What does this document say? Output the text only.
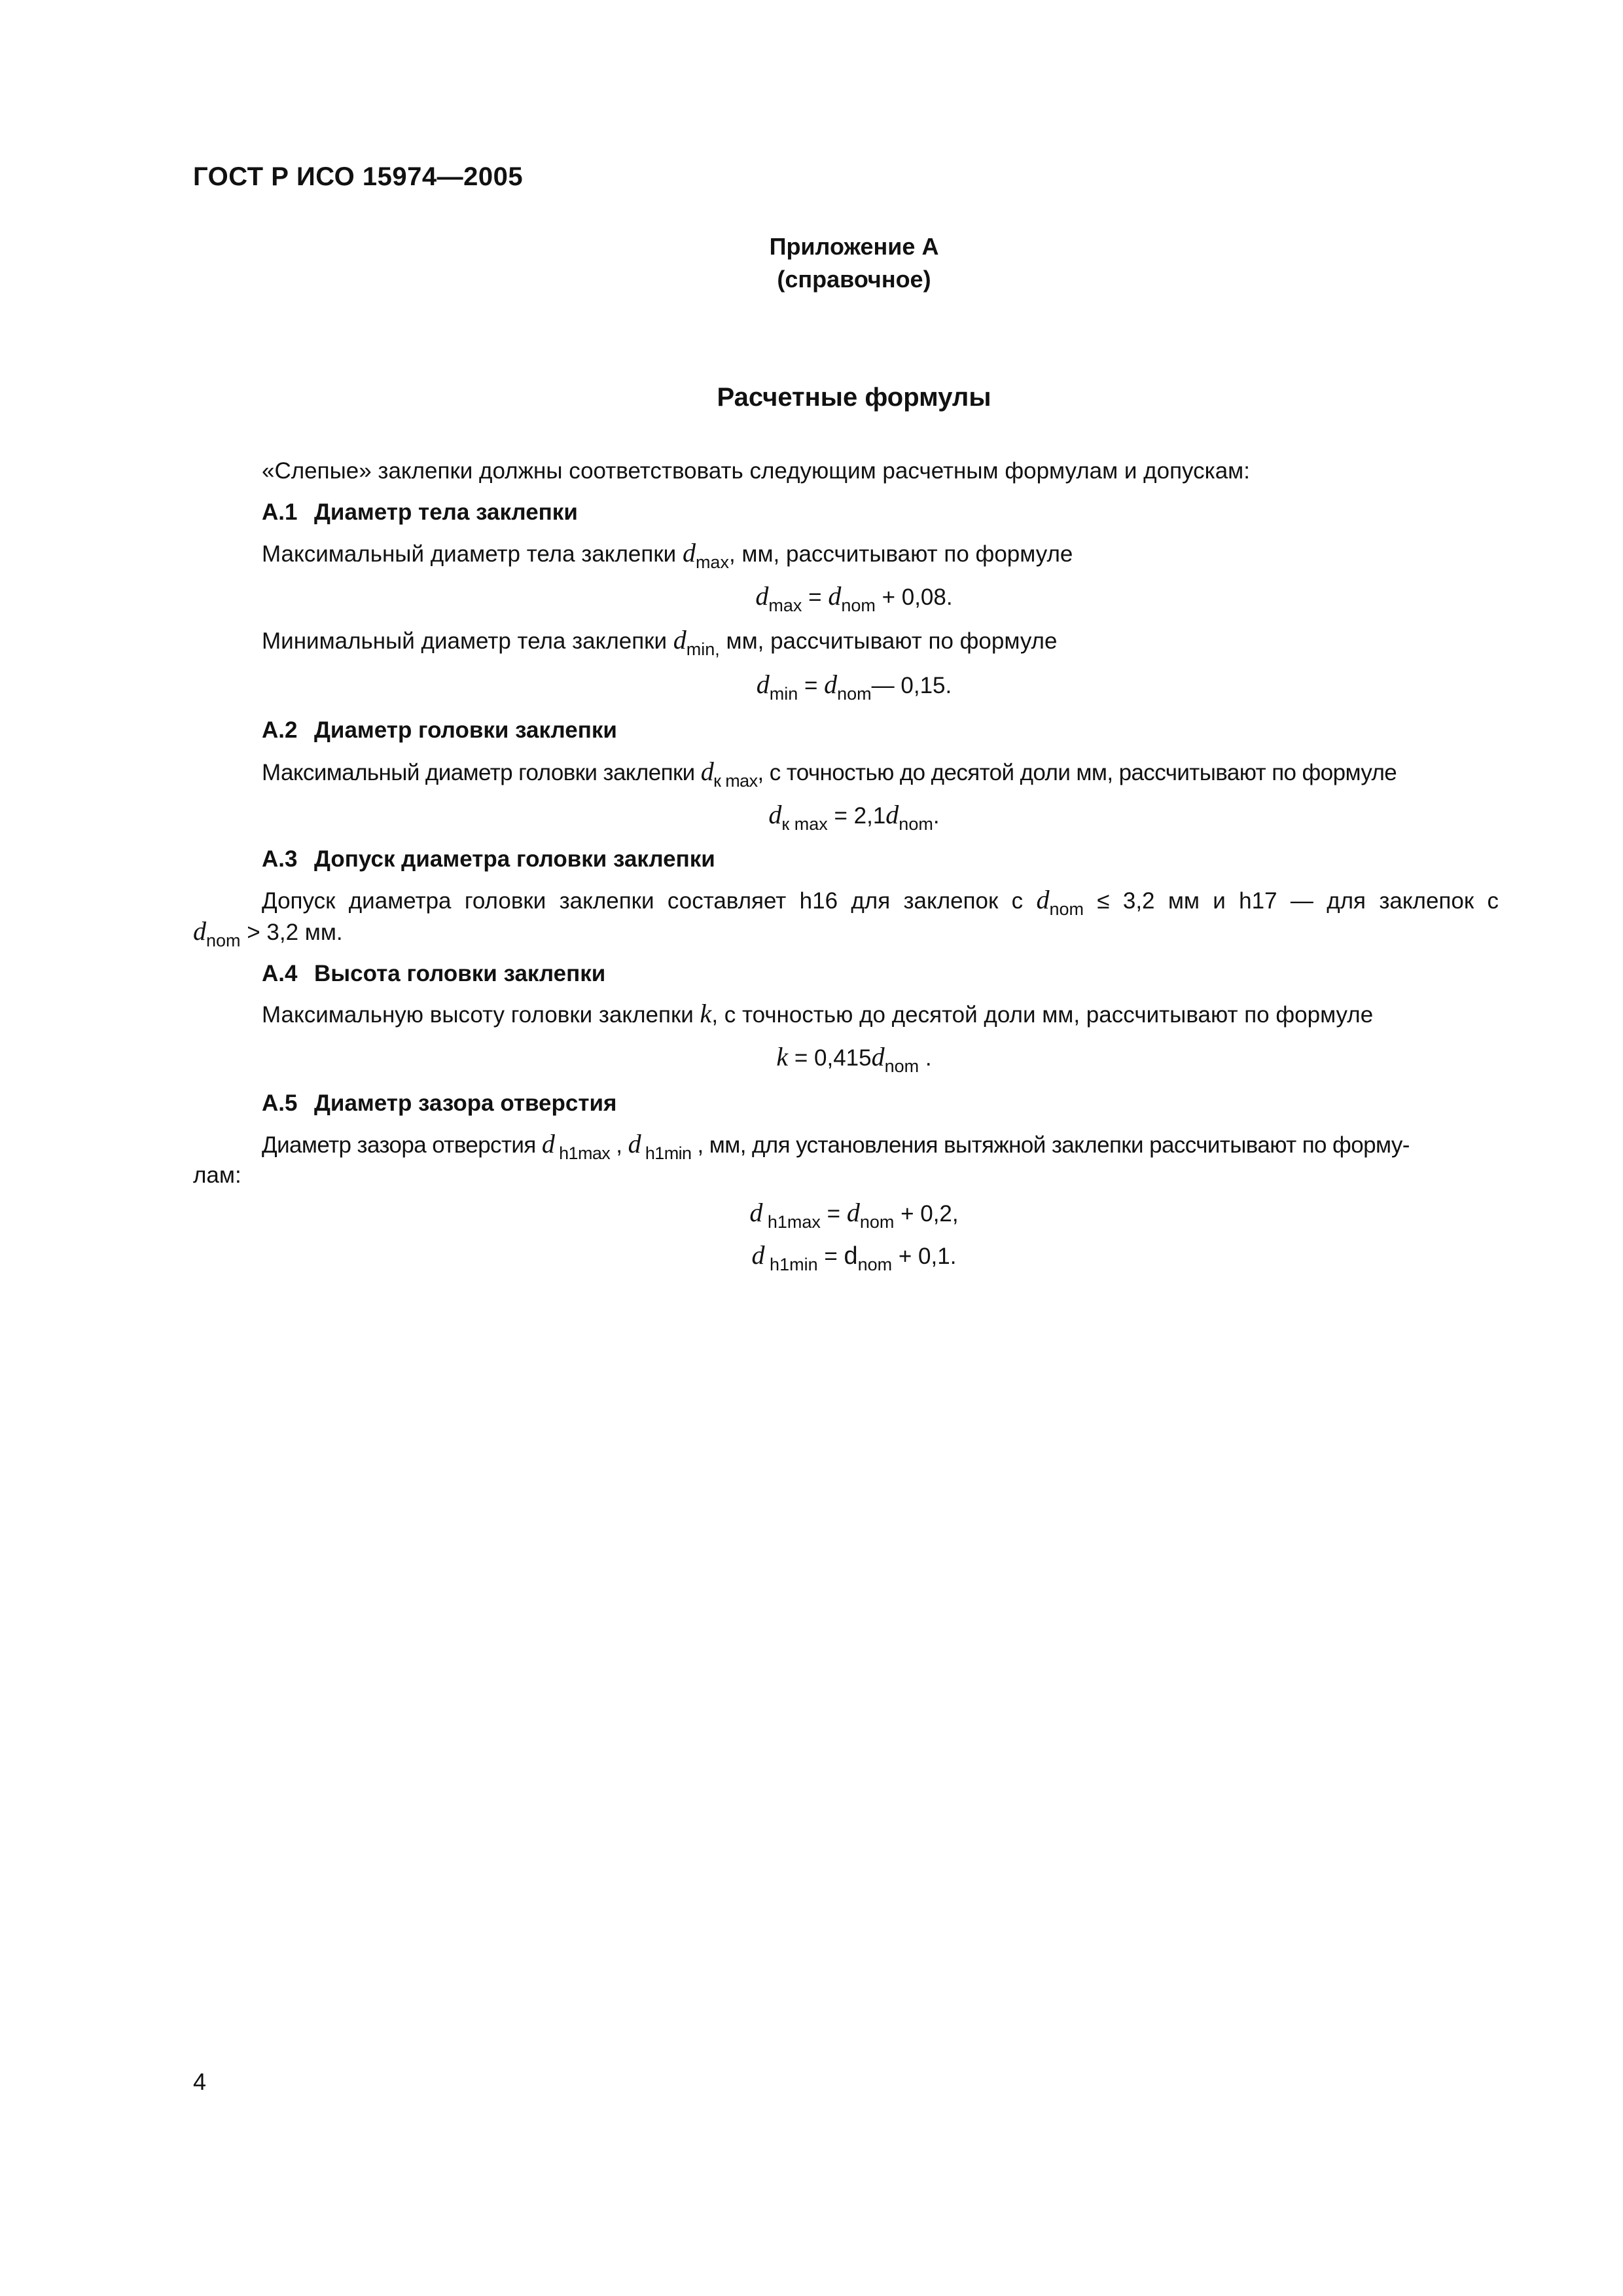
ГОСТ Р ИСО 15974—2005
Приложение А
(справочное)
Расчетные формулы
«Слепые» заклепки должны соответствовать следующим расчетным формулам и допускам:
А.1 Диаметр тела заклепки
Максимальный диаметр тела заклепки $d_{max}$, мм, рассчитывают по формуле
$d_{max} = d_{nom} + 0,08$.
Минимальный диаметр тела заклепки $d_{min,}$ мм, рассчитывают по формуле
$d_{min}$ = $d_{nom}—$ 0,15.
А.2 Диаметр головки заклепки
Максимальный диаметр головки заклепки $d_{к max}$, с точностью до десятой доли мм, рассчитывают по формуле
$d_{к max} = 2,1d_{nom}$.
А.3 Допуск диаметра головки заклепки
Допуск диаметра головки заклепки составляет h16 для заклепок с $d_{nom} \le 3,2$ мм и h17 — для заклепок с
$d_{nom} > 3,2$ мм.
А.4 Высота головки заклепки
Максимальную высоту головки заклепки k, с точностью до десятой доли мм, рассчитывают по формуле
$k = 0,415d_{nom}$ .
А.5 Диаметр зазора отверстия
Диаметр зазора отверстия d $_{h1max}$ , d $_{h1min}$ , мм, для установления вытяжной заклепки рассчитывают по форму-
лам:
d $_{h1max} = d_{nom} + 0,2$,
d $_{h1min} = d_{nom} + 0,1$.
4
